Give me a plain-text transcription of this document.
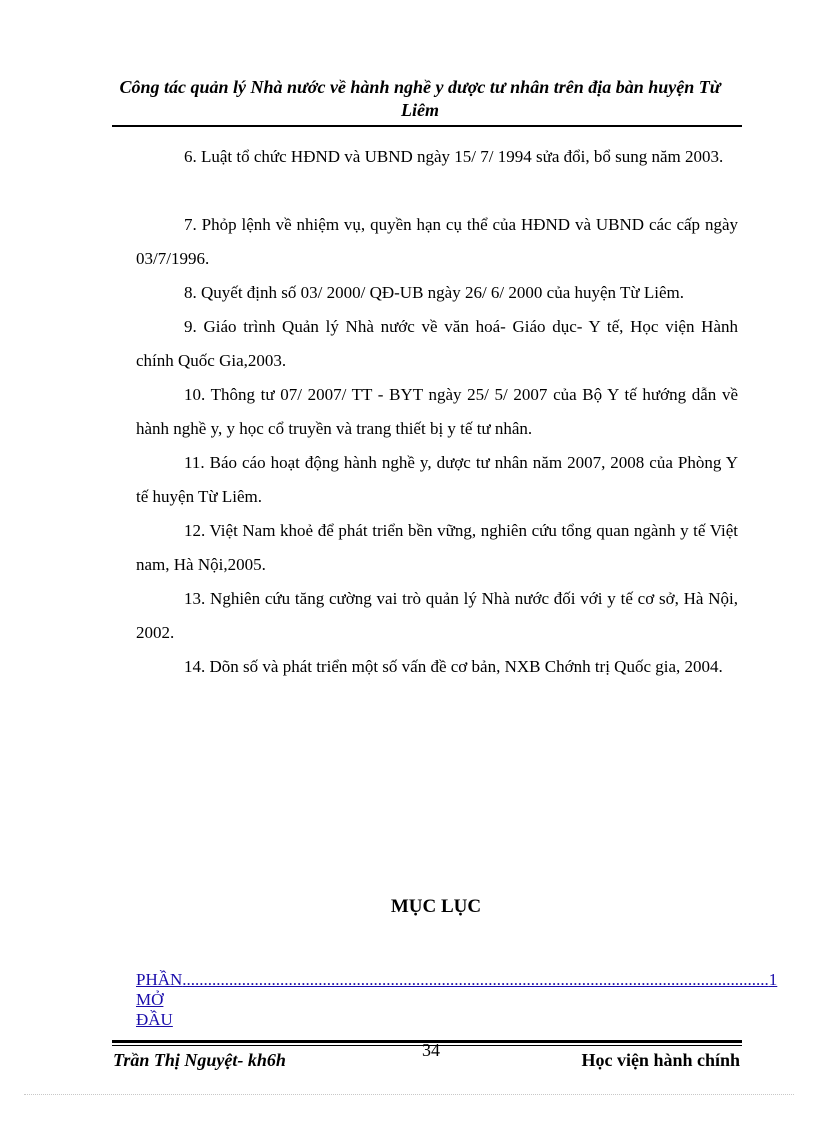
Công tác quản lý Nhà nước về hành nghề y dược tư nhân trên địa bàn huyện Từ Liêm

6. Luật tổ chức HĐND và UBND ngày 15/ 7/ 1994 sửa đổi, bổ sung năm 2003.

7. Phỏp lệnh về nhiệm vụ, quyền hạn cụ thể của HĐND và UBND các cấp ngày 03/7/1996.

8. Quyết định số 03/ 2000/ QĐ-UB ngày 26/ 6/ 2000 của huyện Từ Liêm.

9. Giáo trình Quản lý Nhà nước về văn hoá- Giáo dục- Y tế, Học viện Hành chính Quốc Gia,2003.

10. Thông tư 07/ 2007/ TT - BYT ngày 25/ 5/ 2007 của Bộ Y tế hướng dẫn về hành nghề y, y học cổ truyền và trang thiết bị y tế tư nhân.

11. Báo cáo hoạt động hành nghề y, dược tư nhân năm 2007, 2008 của Phòng Y tế huyện Từ Liêm.

12. Việt Nam khoẻ để phát triển bền vững, nghiên cứu tổng quan ngành y tế Việt nam, Hà Nội,2005.

13. Nghiên cứu tăng cường vai trò quản lý Nhà nước đối với y tế cơ sở, Hà Nội, 2002.

14. Dõn số và phát triển một số vấn đề cơ bản, NXB Chớnh trị Quốc gia, 2004.

MỤC LỤC
PHẦN MỞ ĐẦU
.......................................................................................................................................... 1
34
Trần Thị Nguyệt- kh6h	Học viện hành chính
